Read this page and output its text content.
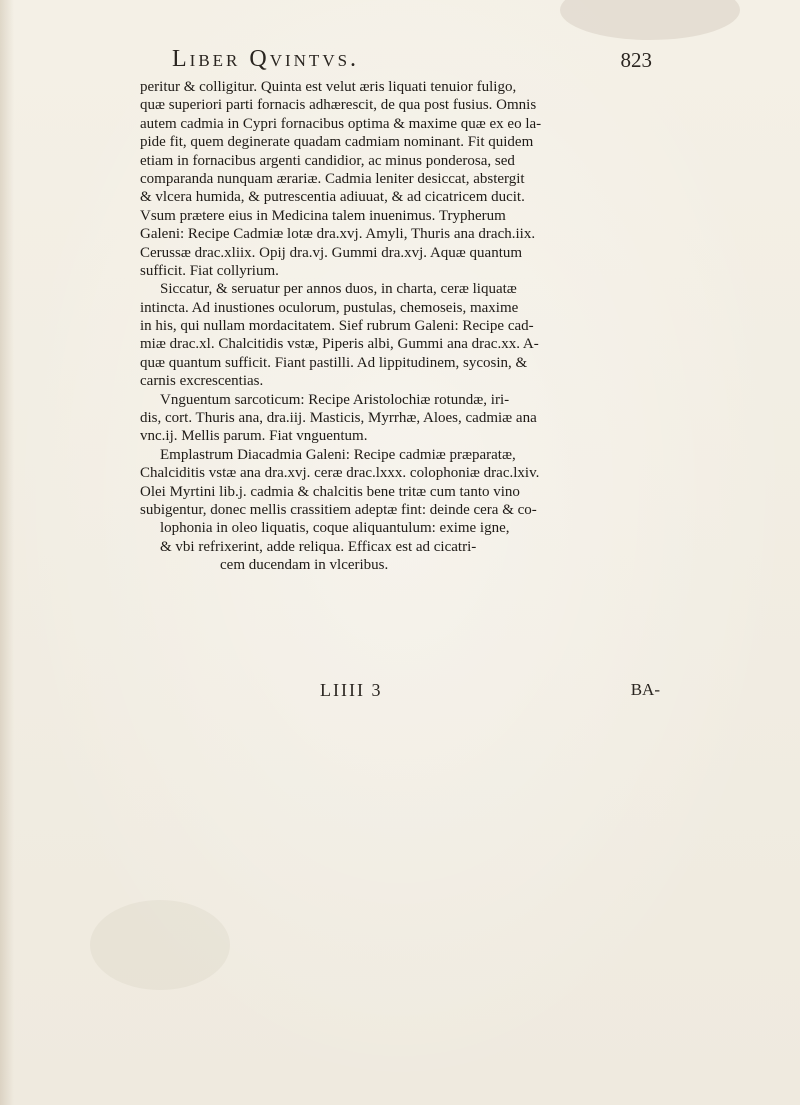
Liber Qvintvs.	823
peritur & colligitur. Quinta est velut æris liquati tenuior fuligo,
quæ superiori parti fornacis adhærescit, de qua post fusius. Omnis
autem cadmia in Cypri fornacibus optima & maxime quæ ex eo la-
pide fit, quem deginerate quadam cadmiam nominant. Fit quidem
etiam in fornacibus argenti candidior, ac minus ponderosa, sed
comparanda nunquam ærariæ. Cadmia leniter desiccat, abstergit
& vlcera humida, & putrescentia adiuuat, & ad cicatricem ducit.
Vsum prætere eius in Medicina talem inuenimus. Trypherum
Galeni: Recipe Cadmiæ lotæ dra.xvj. Amyli, Thuris ana drach.iix.
Cerussæ drac.xliix. Opij dra.vj. Gummi dra.xvj. Aquæ quantum
sufficit. Fiat collyrium.
Siccatur, & seruatur per annos duos, in charta, ceræ liquatæ
intincta. Ad inustiones oculorum, pustulas, chemoseis, maxime
in his, qui nullam mordacitatem. Sief rubrum Galeni: Recipe cad-
miæ drac.xl. Chalcitidis vstæ, Piperis albi, Gummi ana drac.xx. A-
quæ quantum sufficit. Fiant pastilli. Ad lippitudinem, sycosin, &
carnis excrescentias.
Vnguentum sarcoticum: Recipe Aristolochiæ rotundæ, iri-
dis, cort. Thuris ana, dra.iij. Masticis, Myrrhæ, Aloes, cadmiæ ana
vnc.ij. Mellis parum. Fiat vnguentum.
Emplastrum Diacadmia Galeni: Recipe cadmiæ præparatæ,
Chalciditis vstæ ana dra.xvj. ceræ drac.lxxx. colophoniæ drac.lxiv.
Olei Myrtini lib.j. cadmia & chalcitis bene tritæ cum tanto vino
subigentur, donec mellis crassitiem adeptæ fint: deinde cera & co-
lophonia in oleo liquatis, coque aliquantulum: exime igne,
& vbi refrixerint, adde reliqua. Efficax est ad cicatri-
cem ducendam in vlceribus.
LIIII 3	BA-
